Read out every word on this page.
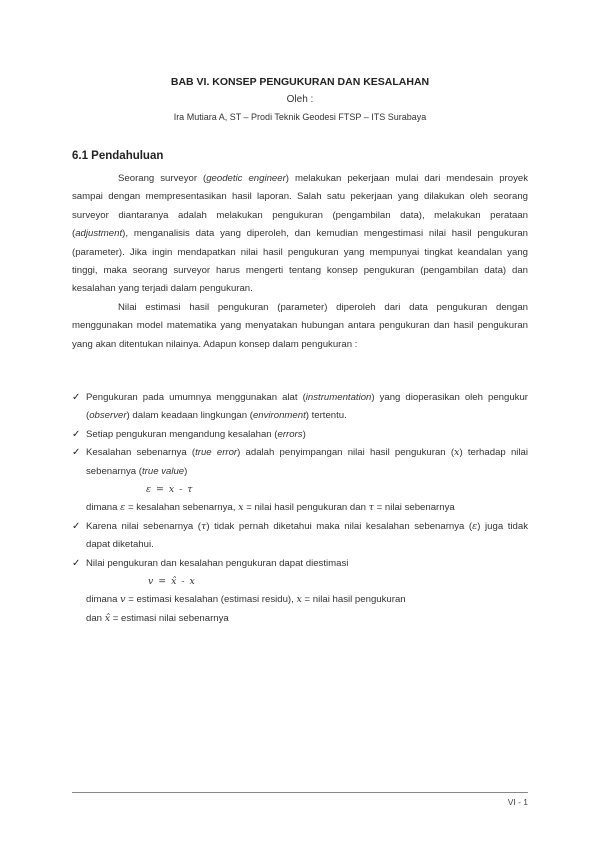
BAB VI. KONSEP PENGUKURAN DAN KESALAHAN
Oleh :
Ira Mutiara A, ST – Prodi Teknik Geodesi FTSP – ITS Surabaya
6.1 Pendahuluan

Seorang surveyor (geodetic engineer) melakukan pekerjaan mulai dari mendesain proyek sampai dengan mempresentasikan hasil laporan. Salah satu pekerjaan yang dilakukan oleh seorang surveyor diantaranya adalah melakukan pengukuran (pengambilan data), melakukan perataan (adjustment), menganalisis data yang diperoleh, dan kemudian mengestimasi nilai hasil pengukuran (parameter). Jika ingin mendapatkan nilai hasil pengukuran yang mempunyai tingkat keandalan yang tinggi, maka seorang surveyor harus mengerti tentang konsep pengukuran (pengambilan data) dan kesalahan yang terjadi dalam pengukuran.

Nilai estimasi hasil pengukuran (parameter) diperoleh dari data pengukuran dengan menggunakan model matematika yang menyatakan hubungan antara pengukuran dan hasil pengukuran yang akan ditentukan nilainya. Adapun konsep dalam pengukuran :

✓ Pengukuran pada umumnya menggunakan alat (instrumentation) yang dioperasikan oleh pengukur (observer) dalam keadaan lingkungan (environment) tertentu.
✓ Setiap pengukuran mengandung kesalahan (errors)
✓ Kesalahan sebenarnya (true error) adalah penyimpangan nilai hasil pengukuran (x) terhadap nilai sebenarnya (true value)
ε = x - τ
dimana ε = kesalahan sebenarnya, x = nilai hasil pengukuran dan τ = nilai sebenarnya
✓ Karena nilai sebenarnya (τ) tidak pernah diketahui maka nilai kesalahan sebenarnya (ε) juga tidak dapat diketahui.
✓ Nilai pengukuran dan kesalahan pengukuran dapat diestimasi
v = x̂ - x
dimana v = estimasi kesalahan (estimasi residu), x = nilai hasil pengukuran
dan x̂ = estimasi nilai sebenarnya
VI - 1
